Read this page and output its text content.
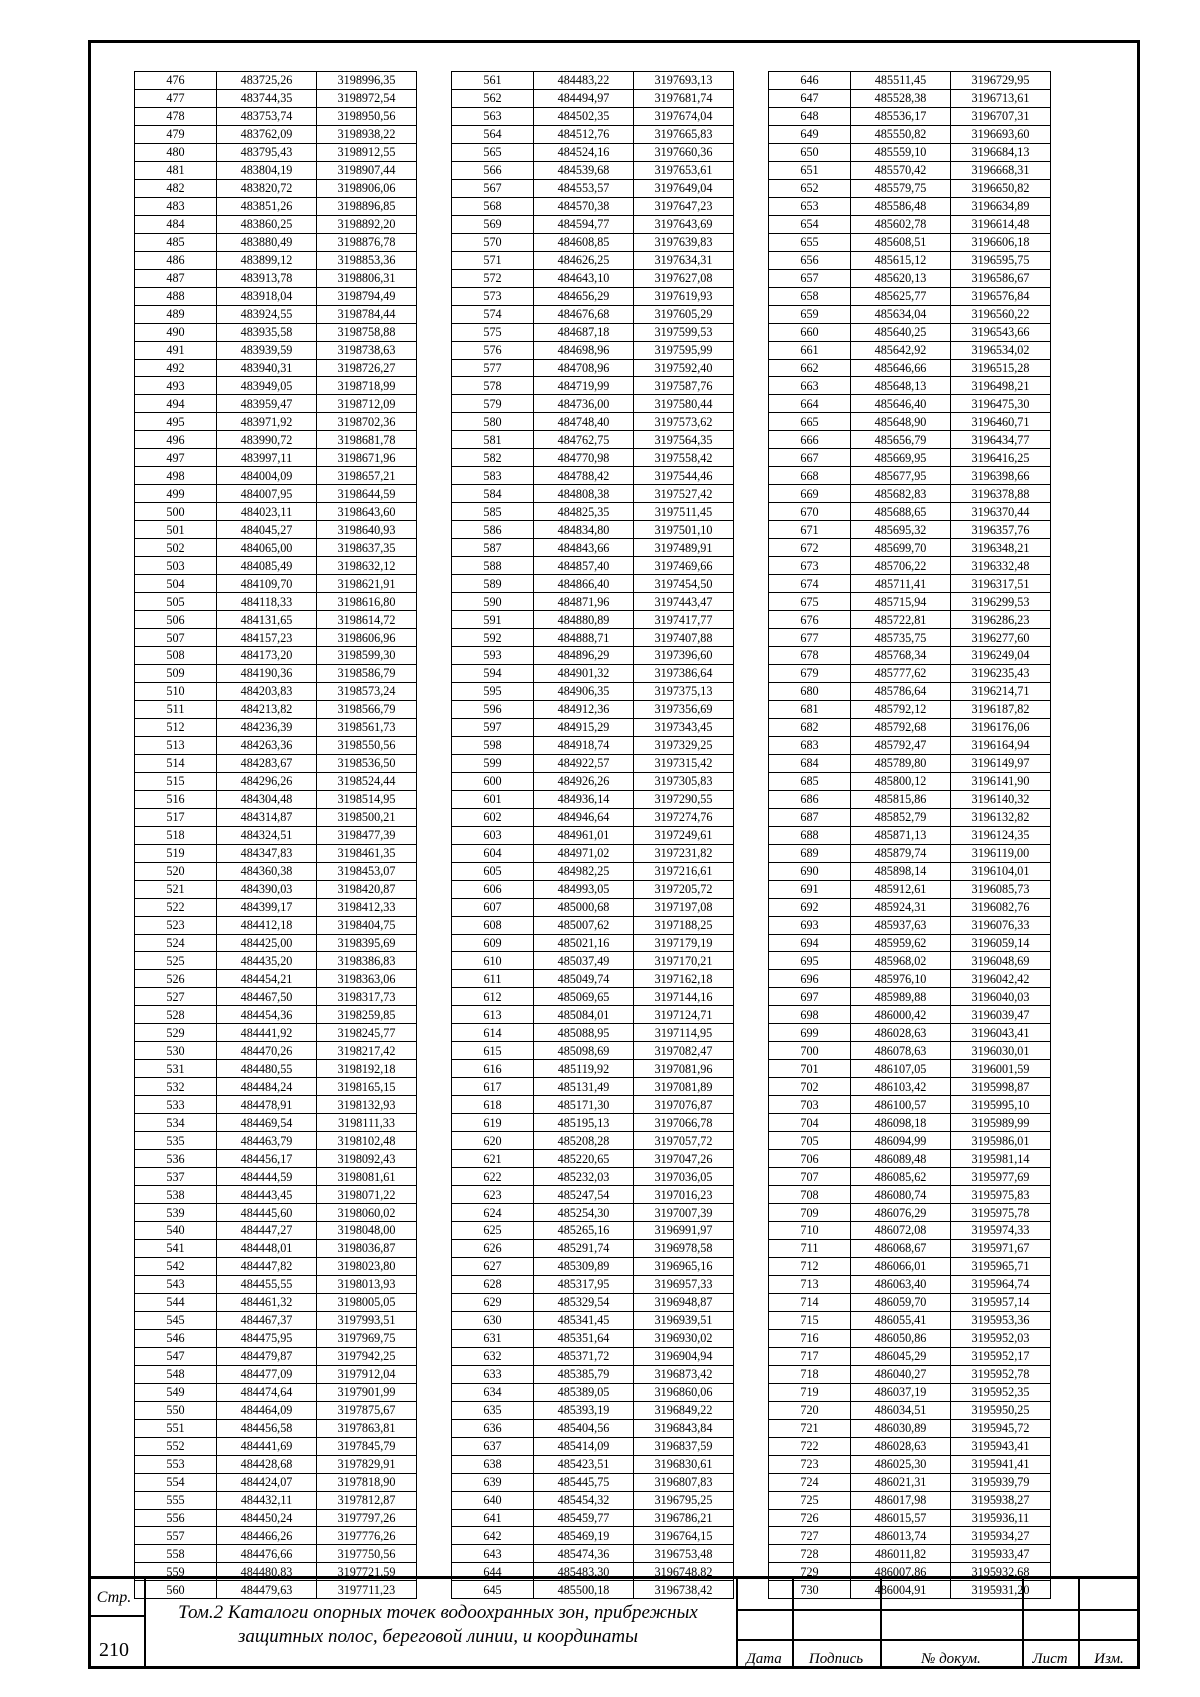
476	483725,26	3198996,35
477	483744,35	3198972,54
478	483753,74	3198950,56
479	483762,09	3198938,22
480	483795,43	3198912,55
481	483804,19	3198907,44
482	483820,72	3198906,06
483	483851,26	3198896,85
484	483860,25	3198892,20
485	483880,49	3198876,78
486	483899,12	3198853,36
487	483913,78	3198806,31
488	483918,04	3198794,49
489	483924,55	3198784,44
490	483935,58	3198758,88
491	483939,59	3198738,63
492	483940,31	3198726,27
493	483949,05	3198718,99
494	483959,47	3198712,09
495	483971,92	3198702,36
496	483990,72	3198681,78
497	483997,11	3198671,96
498	484004,09	3198657,21
499	484007,95	3198644,59
500	484023,11	3198643,60
501	484045,27	3198640,93
502	484065,00	3198637,35
503	484085,49	3198632,12
504	484109,70	3198621,91
505	484118,33	3198616,80
506	484131,65	3198614,72
507	484157,23	3198606,96
508	484173,20	3198599,30
509	484190,36	3198586,79
510	484203,83	3198573,24
511	484213,82	3198566,79
512	484236,39	3198561,73
513	484263,36	3198550,56
514	484283,67	3198536,50
515	484296,26	3198524,44
516	484304,48	3198514,95
517	484314,87	3198500,21
518	484324,51	3198477,39
519	484347,83	3198461,35
520	484360,38	3198453,07
521	484390,03	3198420,87
522	484399,17	3198412,33
523	484412,18	3198404,75
524	484425,00	3198395,69
525	484435,20	3198386,83
526	484454,21	3198363,06
527	484467,50	3198317,73
528	484454,36	3198259,85
529	484441,92	3198245,77
530	484470,26	3198217,42
531	484480,55	3198192,18
532	484484,24	3198165,15
533	484478,91	3198132,93
534	484469,54	3198111,33
535	484463,79	3198102,48
536	484456,17	3198092,43
537	484444,59	3198081,61
538	484443,45	3198071,22
539	484445,60	3198060,02
540	484447,27	3198048,00
541	484448,01	3198036,87
542	484447,82	3198023,80
543	484455,55	3198013,93
544	484461,32	3198005,05
545	484467,37	3197993,51
546	484475,95	3197969,75
547	484479,87	3197942,25
548	484477,09	3197912,04
549	484474,64	3197901,99
550	484464,09	3197875,67
551	484456,58	3197863,81
552	484441,69	3197845,79
553	484428,68	3197829,91
554	484424,07	3197818,90
555	484432,11	3197812,87
556	484450,24	3197797,26
557	484466,26	3197776,26
558	484476,66	3197750,56
559	484480,83	3197721,59
560	484479,63	3197711,23
561	484483,22	3197693,13
562	484494,97	3197681,74
563	484502,35	3197674,04
564	484512,76	3197665,83
565	484524,16	3197660,36
566	484539,68	3197653,61
567	484553,57	3197649,04
568	484570,38	3197647,23
569	484594,77	3197643,69
570	484608,85	3197639,83
571	484626,25	3197634,31
572	484643,10	3197627,08
573	484656,29	3197619,93
574	484676,68	3197605,29
575	484687,18	3197599,53
576	484698,96	3197595,99
577	484708,96	3197592,40
578	484719,99	3197587,76
579	484736,00	3197580,44
580	484748,40	3197573,62
581	484762,75	3197564,35
582	484770,98	3197558,42
583	484788,42	3197544,46
584	484808,38	3197527,42
585	484825,35	3197511,45
586	484834,80	3197501,10
587	484843,66	3197489,91
588	484857,40	3197469,66
589	484866,40	3197454,50
590	484871,96	3197443,47
591	484880,89	3197417,77
592	484888,71	3197407,88
593	484896,29	3197396,60
594	484901,32	3197386,64
595	484906,35	3197375,13
596	484912,36	3197356,69
597	484915,29	3197343,45
598	484918,74	3197329,25
599	484922,57	3197315,42
600	484926,26	3197305,83
601	484936,14	3197290,55
602	484946,64	3197274,76
603	484961,01	3197249,61
604	484971,02	3197231,82
605	484982,25	3197216,61
606	484993,05	3197205,72
607	485000,68	3197197,08
608	485007,62	3197188,25
609	485021,16	3197179,19
610	485037,49	3197170,21
611	485049,74	3197162,18
612	485069,65	3197144,16
613	485084,01	3197124,71
614	485088,95	3197114,95
615	485098,69	3197082,47
616	485119,92	3197081,96
617	485131,49	3197081,89
618	485171,30	3197076,87
619	485195,13	3197066,78
620	485208,28	3197057,72
621	485220,65	3197047,26
622	485232,03	3197036,05
623	485247,54	3197016,23
624	485254,30	3197007,39
625	485265,16	3196991,97
626	485291,74	3196978,58
627	485309,89	3196965,16
628	485317,95	3196957,33
629	485329,54	3196948,87
630	485341,45	3196939,51
631	485351,64	3196930,02
632	485371,72	3196904,94
633	485385,79	3196873,42
634	485389,05	3196860,06
635	485393,19	3196849,22
636	485404,56	3196843,84
637	485414,09	3196837,59
638	485423,51	3196830,61
639	485445,75	3196807,83
640	485454,32	3196795,25
641	485459,77	3196786,21
642	485469,19	3196764,15
643	485474,36	3196753,48
644	485483,30	3196748,82
645	485500,18	3196738,42
646	485511,45	3196729,95
647	485528,38	3196713,61
648	485536,17	3196707,31
649	485550,82	3196693,60
650	485559,10	3196684,13
651	485570,42	3196668,31
652	485579,75	3196650,82
653	485586,48	3196634,89
654	485602,78	3196614,48
655	485608,51	3196606,18
656	485615,12	3196595,75
657	485620,13	3196586,67
658	485625,77	3196576,84
659	485634,04	3196560,22
660	485640,25	3196543,66
661	485642,92	3196534,02
662	485646,66	3196515,28
663	485648,13	3196498,21
664	485646,40	3196475,30
665	485648,90	3196460,71
666	485656,79	3196434,77
667	485669,95	3196416,25
668	485677,95	3196398,66
669	485682,83	3196378,88
670	485688,65	3196370,44
671	485695,32	3196357,76
672	485699,70	3196348,21
673	485706,22	3196332,48
674	485711,41	3196317,51
675	485715,94	3196299,53
676	485722,81	3196286,23
677	485735,75	3196277,60
678	485768,34	3196249,04
679	485777,62	3196235,43
680	485786,64	3196214,71
681	485792,12	3196187,82
682	485792,68	3196176,06
683	485792,47	3196164,94
684	485789,80	3196149,97
685	485800,12	3196141,90
686	485815,86	3196140,32
687	485852,79	3196132,82
688	485871,13	3196124,35
689	485879,74	3196119,00
690	485898,14	3196104,01
691	485912,61	3196085,73
692	485924,31	3196082,76
693	485937,63	3196076,33
694	485959,62	3196059,14
695	485968,02	3196048,69
696	485976,10	3196042,42
697	485989,88	3196040,03
698	486000,42	3196039,47
699	486028,63	3196043,41
700	486078,63	3196030,01
701	486107,05	3196001,59
702	486103,42	3195998,87
703	486100,57	3195995,10
704	486098,18	3195989,99
705	486094,99	3195986,01
706	486089,48	3195981,14
707	486085,62	3195977,69
708	486080,74	3195975,83
709	486076,29	3195975,78
710	486072,08	3195974,33
711	486068,67	3195971,67
712	486066,01	3195965,71
713	486063,40	3195964,74
714	486059,70	3195957,14
715	486055,41	3195953,36
716	486050,86	3195952,03
717	486045,29	3195952,17
718	486040,27	3195952,78
719	486037,19	3195952,35
720	486034,51	3195950,25
721	486030,89	3195945,72
722	486028,63	3195943,41
723	486025,30	3195941,41
724	486021,31	3195939,79
725	486017,98	3195938,27
726	486015,57	3195936,11
727	486013,74	3195934,27
728	486011,82	3195933,47
729	486007,86	3195932,68
730	486004,91	3195931,20
Стр.
210
Том.2 Каталоги опорных точек водоохранных зон, прибрежных
защитных полос, береговой линии, и координаты
Дата	Подпись	№ докум.	Лист	Изм.
